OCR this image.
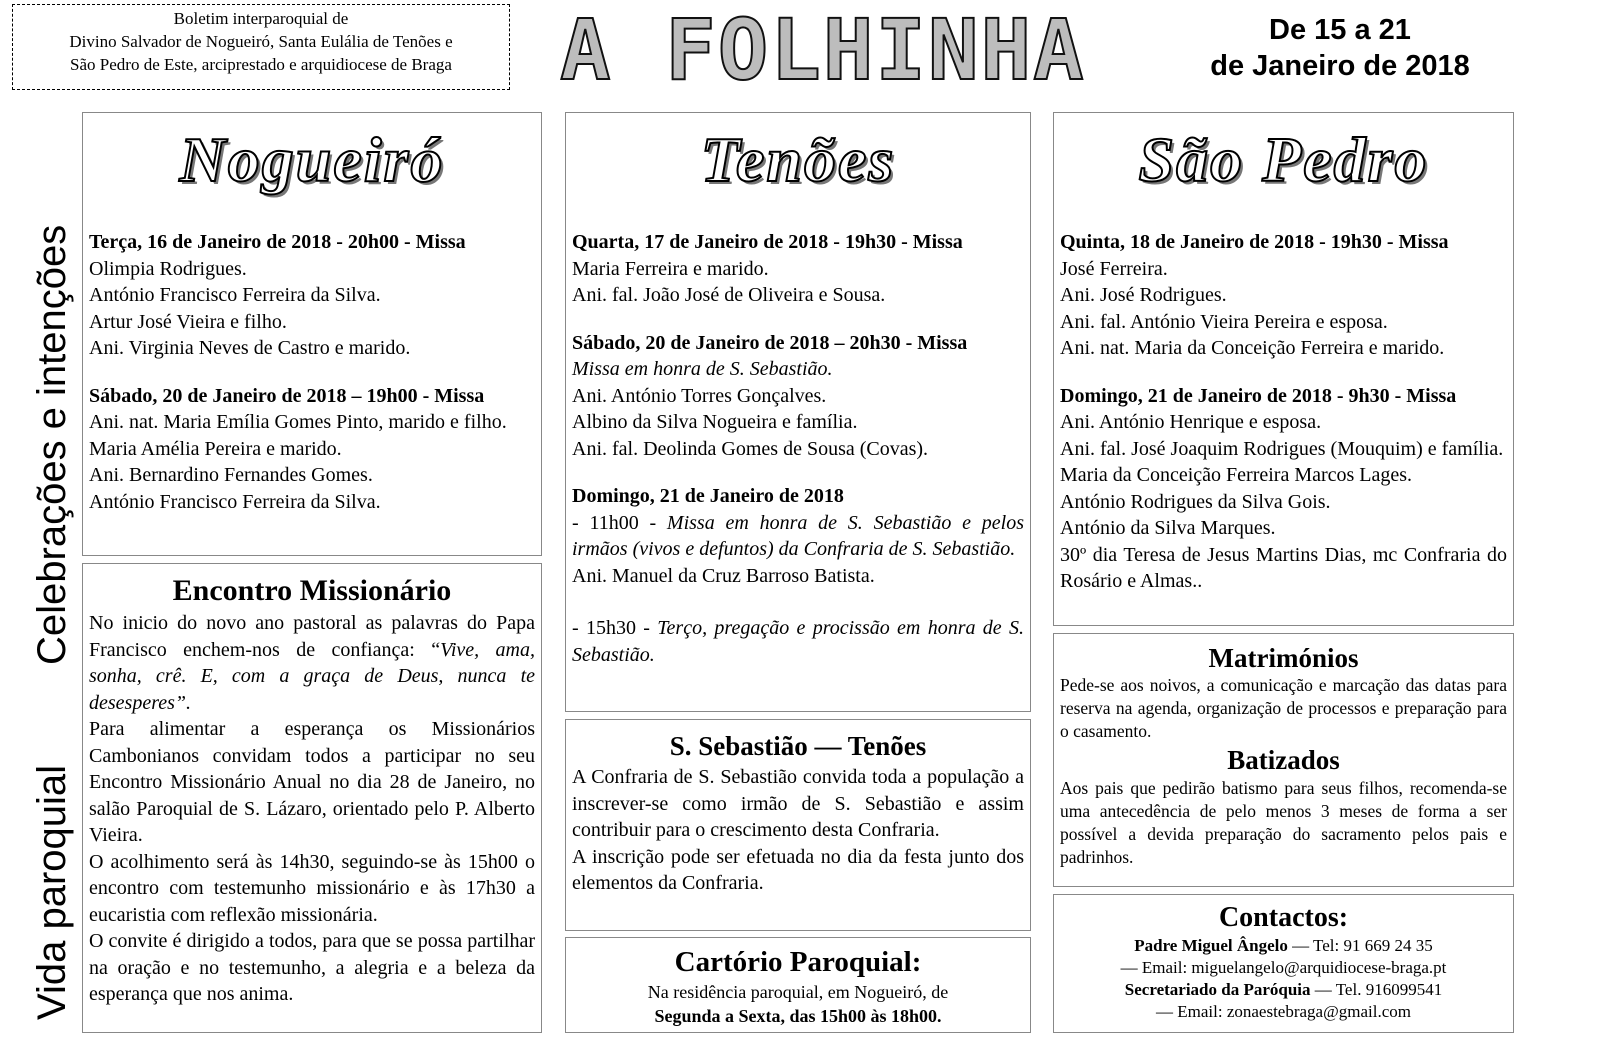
Boletim interparoquial de
Divino Salvador de Nogueiró, Santa Eulália de Tenões e
São Pedro de Este, arciprestado e arquidiocese de Braga	A FOLHINHA	De 15 a 21
de Janeiro de 2018
Celebrações e intenções
Vida paroquial
Nogueiró
Terça, 16 de Janeiro de 2018 - 20h00 - Missa
Olimpia Rodrigues.
António Francisco Ferreira da Silva.
Artur José Vieira e filho.
Ani. Virginia Neves de Castro e marido.
Sábado, 20 de Janeiro de 2018 – 19h00 - Missa

Ani. nat. Maria Emília Gomes Pinto, marido e filho.

Maria Amélia Pereira e marido.
Ani. Bernardino Fernandes Gomes.
António Francisco Ferreira da Silva.
Encontro Missionário

No inicio do novo ano pastoral as palavras do Papa Francisco enchem-nos de confiança: “Vive, ama, sonha, crê. E, com a graça de Deus, nunca te desesperes”.

Para alimentar a esperança os Missionários Cambonianos convidam todos a participar no seu Encontro Missionário Anual no dia 28 de Janeiro, no salão Paroquial de S. Lázaro, orientado pelo P. Alberto Vieira.

O acolhimento será às 14h30, seguindo-se às 15h00 o encontro com testemunho missionário e às 17h30 a eucaristia com reflexão missionária.

O convite é dirigido a todos, para que se possa partilhar na oração e no testemunho, a alegria e a beleza da esperança que nos anima.

Tenões
Quarta, 17 de Janeiro de 2018 - 19h30 - Missa
Maria Ferreira e marido.
Ani. fal. João José de Oliveira e Sousa.
Sábado, 20 de Janeiro de 2018 – 20h30 - Missa
Missa em honra de S. Sebastião.
Ani. António Torres Gonçalves.
Albino da Silva Nogueira e família.
Ani. fal. Deolinda Gomes de Sousa (Covas).
Domingo, 21 de Janeiro de 2018

- 11h00 - Missa em honra de S. Sebastião e pelos irmãos (vivos e defuntos) da Confraria de S. Sebastião.

Ani. Manuel da Cruz Barroso Batista.

- 15h30 - Terço, pregação e procissão em honra de S. Sebastião.

S. Sebastião — Tenões

A Confraria de S. Sebastião convida toda a população a inscrever-se como irmão de S. Sebastião e assim contribuir para o crescimento desta Confraria.

A inscrição pode ser efetuada no dia da festa junto dos elementos da Confraria.

Cartório Paroquial:
Na residência paroquial, em Nogueiró, de
Segunda a Sexta, das 15h00 às 18h00.
São Pedro
Quinta, 18 de Janeiro de 2018 - 19h30 - Missa
José Ferreira.
Ani. José Rodrigues.
Ani. fal. António Vieira Pereira e esposa.
Ani. nat. Maria da Conceição Ferreira e marido.
Domingo, 21 de Janeiro de 2018 - 9h30 - Missa
Ani. António Henrique e esposa.

Ani. fal. José Joaquim Rodrigues (Mouquim) e família.

Maria da Conceição Ferreira Marcos Lages.
António Rodrigues da Silva Gois.
António da Silva Marques.

30º dia Teresa de Jesus Martins Dias, mc Confraria do Rosário e Almas..

Matrimónios

Pede-se aos noivos, a comunicação e marcação das datas para reserva na agenda, organização de processos e preparação para o casamento.

Batizados

Aos pais que pedirão batismo para seus filhos, recomenda-se uma antecedência de pelo menos 3 meses de forma a ser possível a devida preparação do sacramento pelos pais e padrinhos.

Contactos:
Padre Miguel Ângelo — Tel: 91 669 24 35
— Email: miguelangelo@arquidiocese-braga.pt
Secretariado da Paróquia — Tel. 916099541
— Email: zonaestebraga@gmail.com
